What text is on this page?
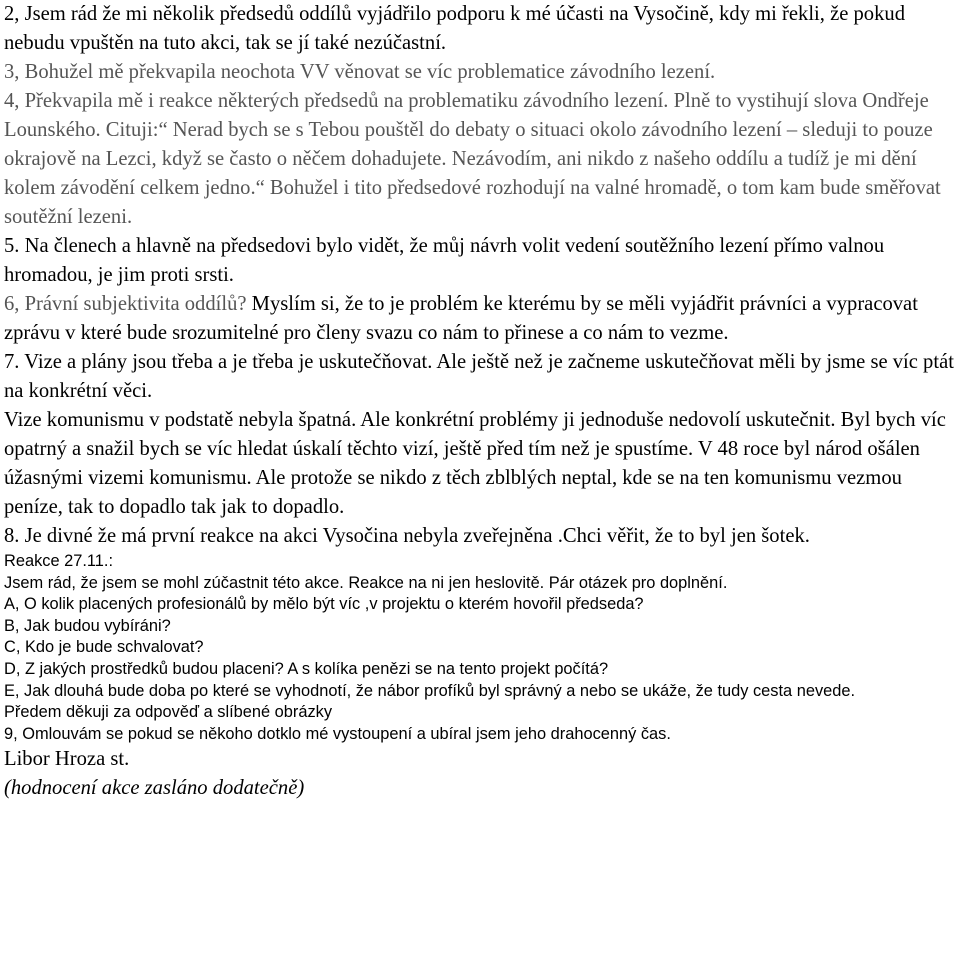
2, Jsem rád že mi několik předsedů oddílů vyjádřilo podporu k mé účasti na Vysočině, kdy mi řekli, že pokud nebudu vpuštěn na tuto akci, tak se jí také nezúčastní.

3, Bohužel mě překvapila neochota VV věnovat se víc problematice závodního lezení.

4, Překvapila mě i reakce některých předsedů na problematiku závodního lezení. Plně to vystihují slova Ondřeje Lounského. Cituji:“ Nerad bych se s Tebou pouštěl do debaty o situaci okolo závodního lezení – sleduji to pouze okrajově na Lezci, když se často o něčem dohadujete. Nezávodím, ani nikdo z našeho oddílu a tudíž je mi dění kolem závodění celkem jedno.“ Bohužel i tito předsedové rozhodují na valné hromadě, o tom kam bude směřovat soutěžní lezeni.

5. Na členech a hlavně na předsedovi bylo vidět, že můj návrh volit vedení soutěžního lezení přímo valnou hromadou, je jim proti srsti.

6, Právní subjektivita oddílů? Myslím si, že to je problém ke kterému by se měli vyjádřit právníci a vypracovat zprávu v které bude srozumitelné pro členy svazu co nám to přinese a co nám to vezme.

7. Vize a plány jsou třeba a je třeba je uskutečňovat. Ale ještě než je začneme uskutečňovat měli by jsme se víc ptát na konkrétní věci.

Vize komunismu v podstatě nebyla špatná. Ale konkrétní problémy ji jednoduše nedovolí uskutečnit. Byl bych víc opatrný a snažil bych se víc hledat úskalí těchto vizí, ještě před tím než je spustíme. V 48 roce byl národ ošálen úžasnými vizemi komunismu. Ale protože se nikdo z těch zblblých neptal, kde se na ten komunismu vezmou peníze, tak to dopadlo tak jak to dopadlo.

8. Je divné že má první reakce na akci Vysočina nebyla zveřejněna .Chci věřit, že to byl jen šotek.

Reakce 27.11.:

Jsem rád, že jsem se mohl zúčastnit této akce. Reakce na ni jen heslovitě. Pár otázek pro doplnění.

A, O kolik placených profesionálů by mělo být víc ,v projektu o kterém hovořil předseda?

B, Jak budou vybíráni?

C, Kdo je bude schvalovat?

D, Z jakých prostředků budou placeni? A s kolíka penězi se na tento projekt počítá?

E, Jak dlouhá bude doba po které se vyhodnotí, že nábor profíků byl správný a nebo se ukáže, že tudy cesta nevede.

Předem děkuji za odpověď a slíbené obrázky

9, Omlouvám se pokud se někoho dotklo mé vystoupení a ubíral jsem jeho drahocenný čas.

Libor Hroza st.

(hodnocení akce zasláno dodatečně)
